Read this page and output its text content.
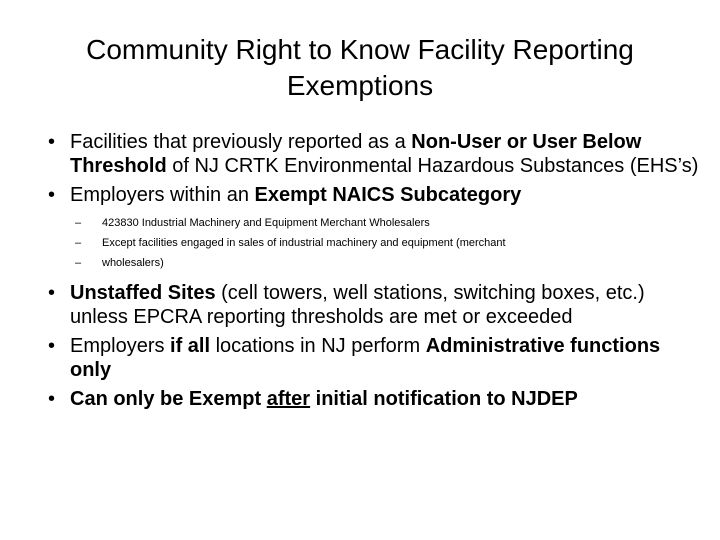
Community Right to Know Facility Reporting Exemptions
• Facilities that previously reported as a Non-User or User Below Threshold of NJ CRTK Environmental Hazardous Substances (EHS’s)
• Employers within an Exempt NAICS Subcategory
– 423830 Industrial Machinery and Equipment Merchant Wholesalers
– Except facilities engaged in sales of industrial machinery and equipment (merchant
– wholesalers)
• Unstaffed Sites (cell towers, well stations, switching boxes, etc.) unless EPCRA reporting thresholds are met or exceeded
• Employers if all locations in NJ perform Administrative functions only
• Can only be Exempt after initial notification to NJDEP
